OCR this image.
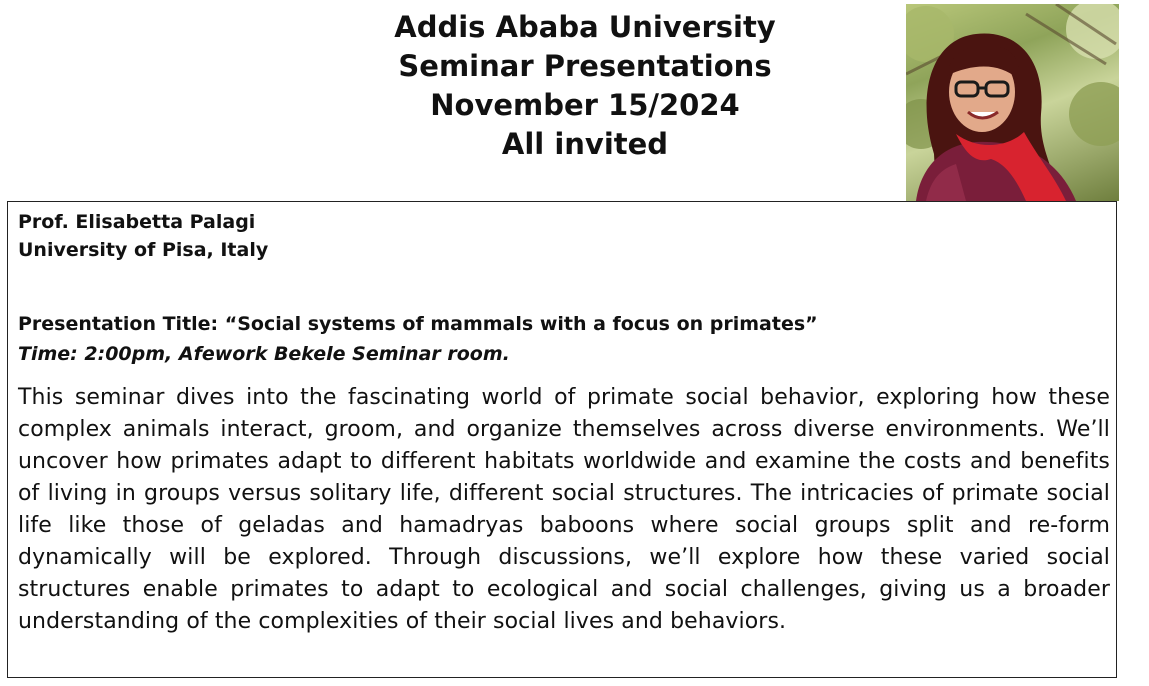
Addis Ababa University
Seminar Presentations
November 15/2024
All invited
Prof. Elisabetta Palagi
University of Pisa, Italy
Presentation Title: “Social systems of mammals with a focus on primates”
Time: 2:00pm, Afework Bekele Seminar room.
This seminar dives into the fascinating world of primate social behavior, exploring how these complex animals interact, groom, and organize themselves across diverse environments. We’ll uncover how primates adapt to different habitats worldwide and examine the costs and benefits of living in groups versus solitary life, different social structures. The intricacies of primate social life like those of geladas and hamadryas baboons where social groups split and re-form dynamically will be explored. Through discussions, we’ll explore how these varied social structures enable primates to adapt to ecological and social challenges, giving us a broader understanding of the complexities of their social lives and behaviors.
